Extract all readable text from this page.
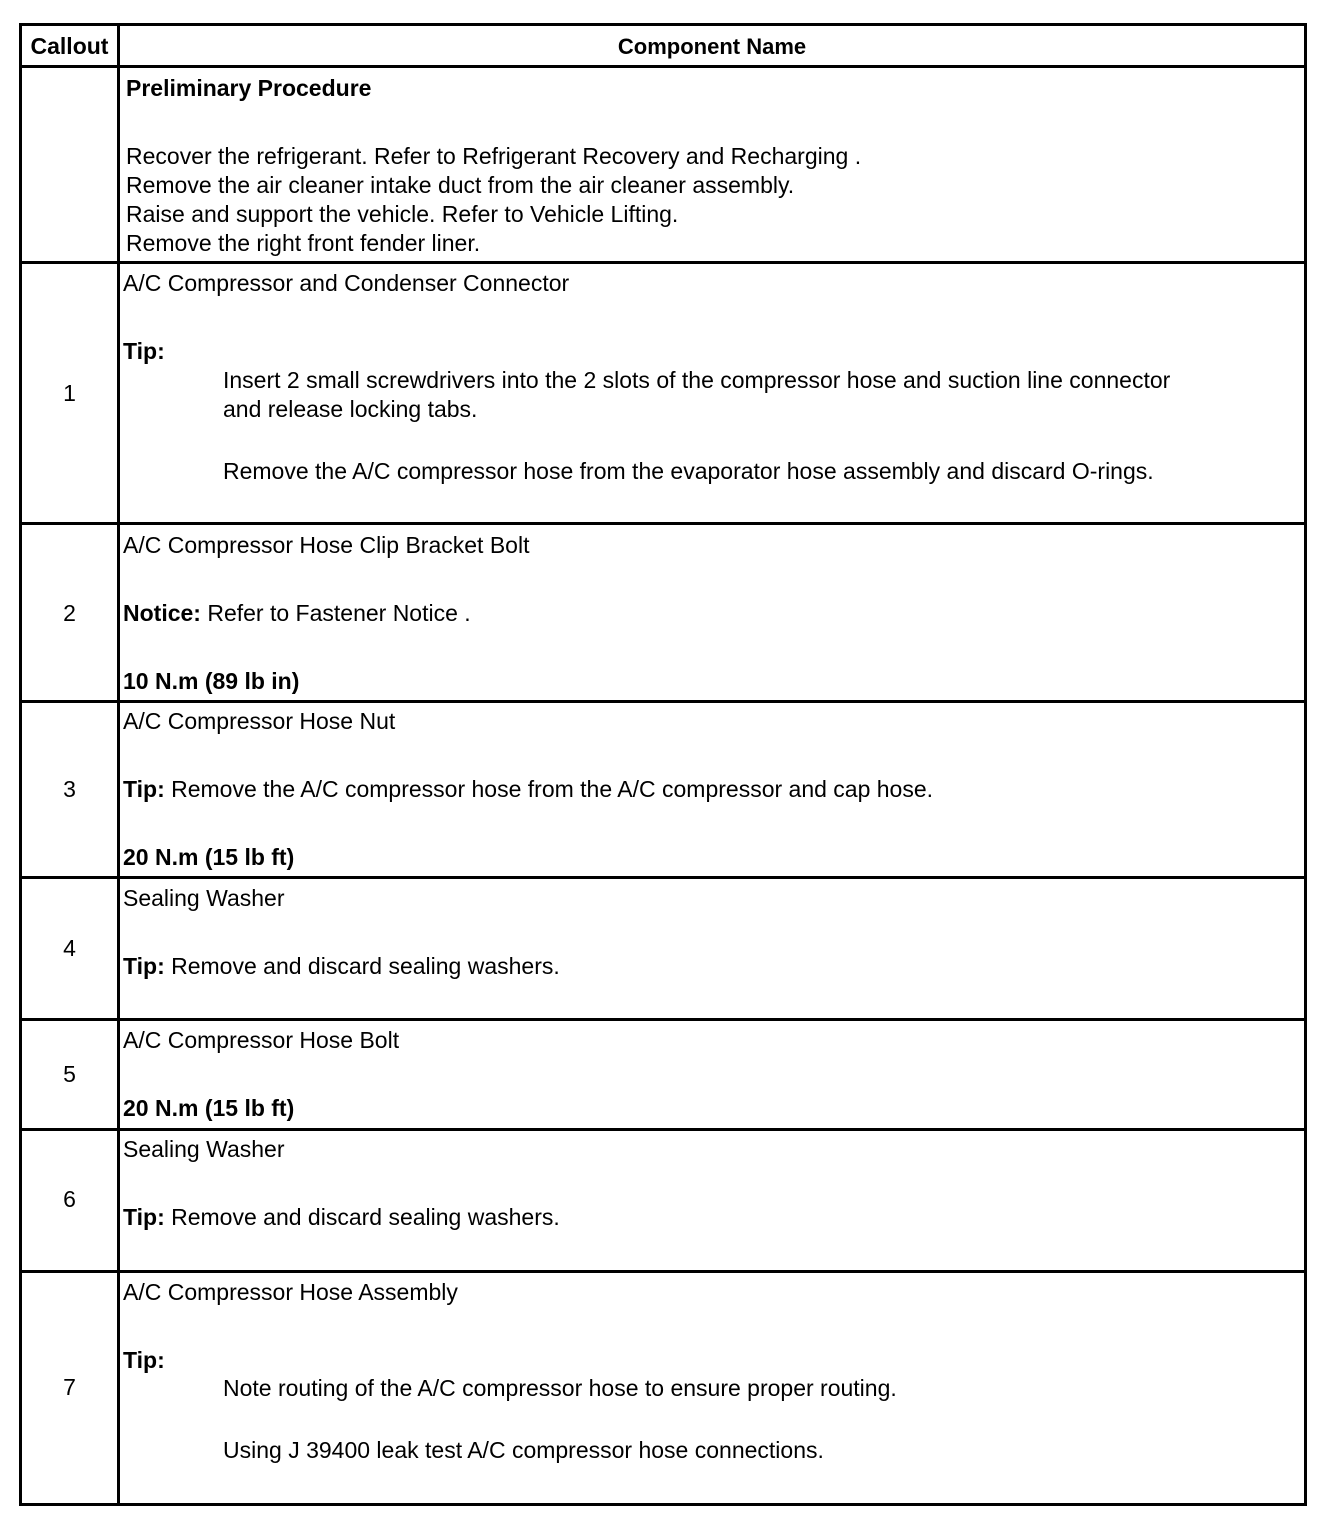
Callout	Component Name
Preliminary Procedure
Recover the refrigerant. Refer to Refrigerant Recovery and Recharging .
Remove the air cleaner intake duct from the air cleaner assembly.
Raise and support the vehicle. Refer to Vehicle Lifting.
Remove the right front fender liner.
1
A/C Compressor and Condenser Connector
Tip:
Insert 2 small screwdrivers into the 2 slots of the compressor hose and suction line connector
and release locking tabs.
Remove the A/C compressor hose from the evaporator hose assembly and discard O-rings.
2
A/C Compressor Hose Clip Bracket Bolt
Notice: Refer to Fastener Notice .
10 N.m (89 lb in)
3
A/C Compressor Hose Nut
Tip: Remove the A/C compressor hose from the A/C compressor and cap hose.
20 N.m (15 lb ft)
4
Sealing Washer
Tip: Remove and discard sealing washers.
5
A/C Compressor Hose Bolt
20 N.m (15 lb ft)
6
Sealing Washer
Tip: Remove and discard sealing washers.
7
A/C Compressor Hose Assembly
Tip:
Note routing of the A/C compressor hose to ensure proper routing.
Using J 39400 leak test A/C compressor hose connections.
